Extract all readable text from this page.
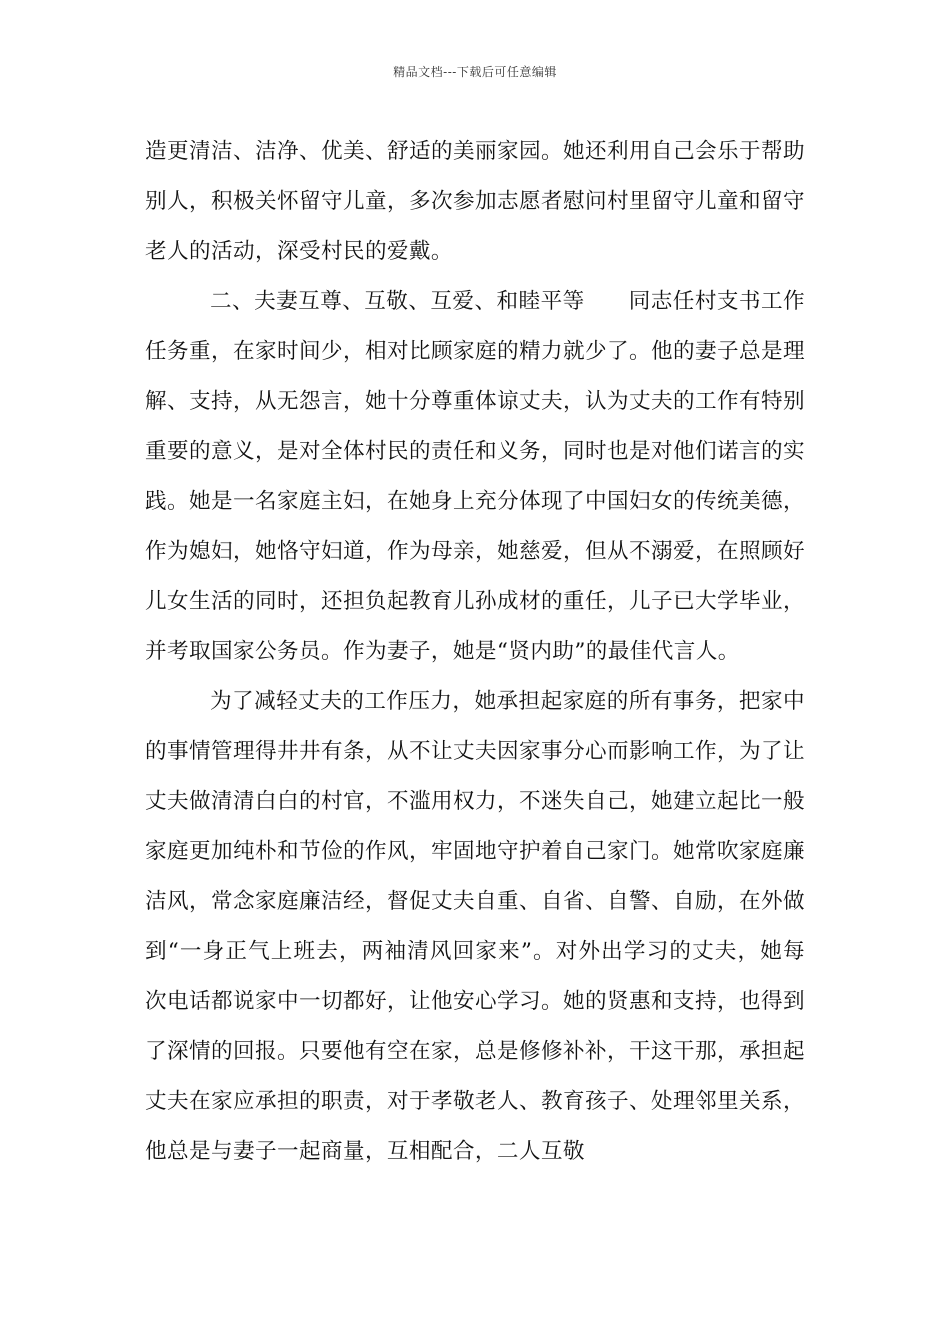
精品文档---下载后可任意编辑

造更清洁、洁净、优美、舒适的美丽家园。她还利用自己会乐于帮助别人，积极关怀留守儿童，多次参加志愿者慰问村里留守儿童和留守老人的活动，深受村民的爱戴。

二、夫妻互尊、互敬、互爱、和睦平等　　同志任村支书工作任务重，在家时间少，相对比顾家庭的精力就少了。他的妻子总是理解、支持，从无怨言，她十分尊重体谅丈夫，认为丈夫的工作有特别重要的意义，是对全体村民的责任和义务，同时也是对他们诺言的实践。她是一名家庭主妇，在她身上充分体现了中国妇女的传统美德，作为媳妇，她恪守妇道，作为母亲，她慈爱，但从不溺爱，在照顾好儿女生活的同时，还担负起教育儿孙成材的重任，儿子已大学毕业，并考取国家公务员。作为妻子，她是“贤内助”的最佳代言人。

为了减轻丈夫的工作压力，她承担起家庭的所有事务，把家中的事情管理得井井有条，从不让丈夫因家事分心而影响工作，为了让丈夫做清清白白的村官，不滥用权力，不迷失自己，她建立起比一般家庭更加纯朴和节俭的作风，牢固地守护着自己家门。她常吹家庭廉洁风，常念家庭廉洁经，督促丈夫自重、自省、自警、自励，在外做到“一身正气上班去，两袖清风回家来”。对外出学习的丈夫，她每次电话都说家中一切都好，让他安心学习。她的贤惠和支持，也得到了深情的回报。只要他有空在家，总是修修补补，干这干那，承担起丈夫在家应承担的职责，对于孝敬老人、教育孩子、处理邻里关系，他总是与妻子一起商量，互相配合，二人互敬
